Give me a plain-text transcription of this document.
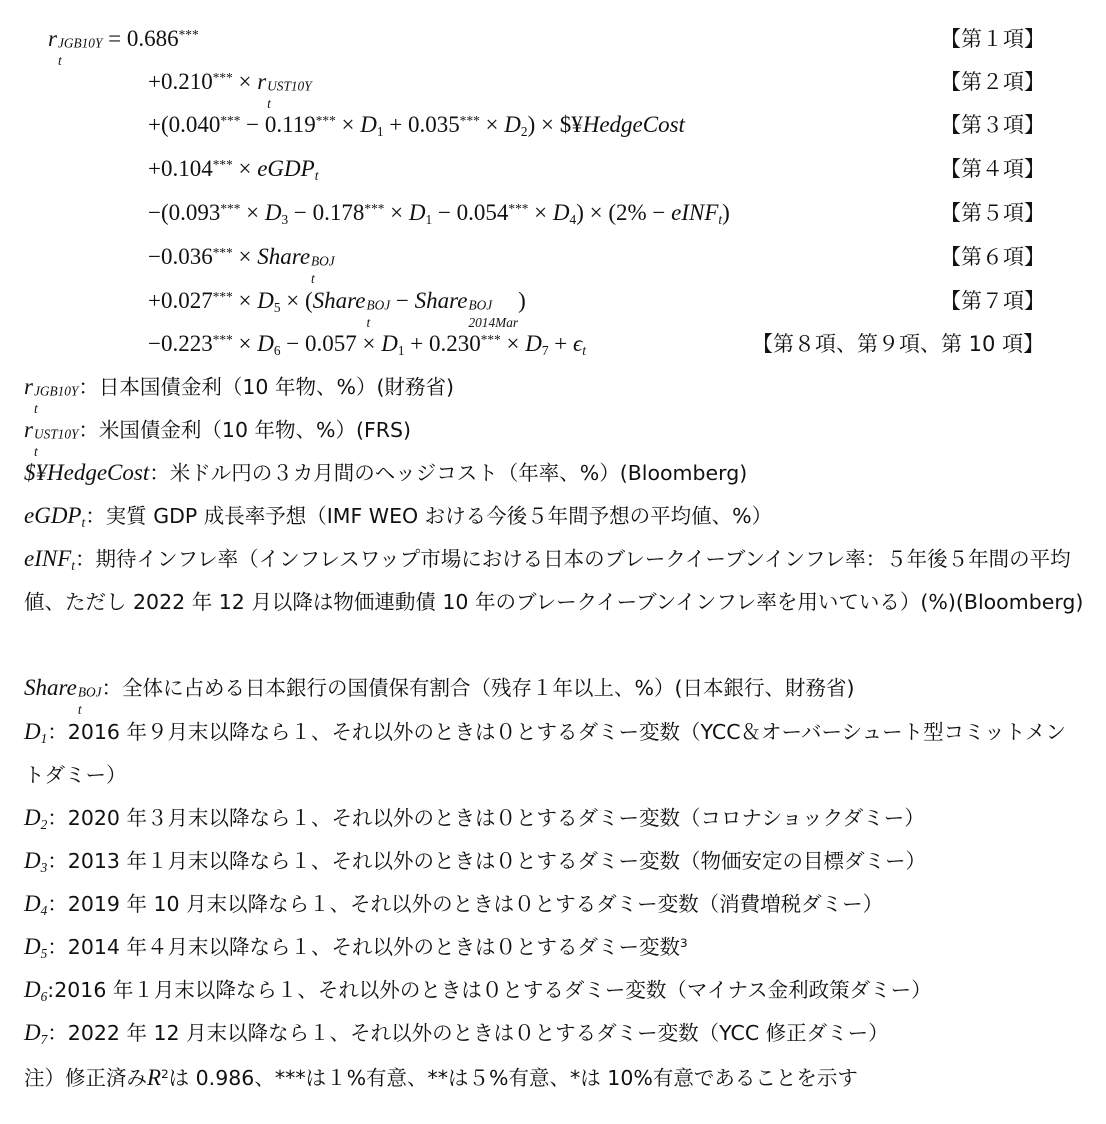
r JGB10Y
t
= 0.686***	【第１項】
+0.210*** × r UST10Y
t
【第２項】
$+(0.040^{***} - 0.119^{***} \times D_1 + 0.035^{***} \times D_2)$ × $¥HedgeCost	【第３項】
+0.104*** × eGDP$_t$	【第４項】
$-(0.093^{***} \times D_3 - 0.178^{***} \times D_1 - 0.054^{***} \times D_4) \times (2\%$ − eINF$_t$)	【第５項】
−0.036*** × Share BOJ
t
【第６項】
$+0.027^{***} \times D_5$ × (Share BOJ
t
− Share BOJ
2014Mar
)	【第７項】
$-0.223^{***} \times D_6 - 0.057 \times D_1 + 0.230^{***} \times D_7 + \epsilon_t$	【第８項、第９項、第 10 項】
r JGB10Y
t
：日本国債金利（10 年物、%）(財務省)
r UST10Y
t
：米国債金利（10 年物、%）(FRS)
$¥HedgeCost：米ドル円の３カ月間のヘッジコスト（年率、%）(Bloomberg)
eGDP$_t$：実質 GDP 成長率予想（IMF WEO おける今後５年間予想の平均値、%）
eINF$_t$：期待インフレ率（インフレスワップ市場における日本のブレークイーブンインフレ率：５年後５年間の平均値、ただし 2022 年 12 月以降は物価連動債 10 年のブレークイーブンインフレ率を用いている）(%)(Bloomberg)
Share BOJ
t
：全体に占める日本銀行の国債保有割合（残存１年以上、%）(日本銀行、財務省)
$D_1$：2016 年９月末以降なら１、それ以外のときは０とするダミー変数（YCC＆オーバーシュート型コミットメントダミー）
$D_2$：2020 年３月末以降なら１、それ以外のときは０とするダミー変数（コロナショックダミー）
$D_3$：2013 年１月末以降なら１、それ以外のときは０とするダミー変数（物価安定の目標ダミー）
$D_4$：2019 年 10 月末以降なら１、それ以外のときは０とするダミー変数（消費増税ダミー）
$D_5$：2014 年４月末以降なら１、それ以外のときは０とするダミー変数$^3$
$D_6:2016$ 年１月末以降なら１、それ以外のときは０とするダミー変数（マイナス金利政策ダミー）
$D_7$：2022 年 12 月末以降なら１、それ以外のときは０とするダミー変数（YCC 修正ダミー）
注）修正済み$R^2$は 0.986、***は１%有意、**は５%有意、*は 10%有意であることを示す
